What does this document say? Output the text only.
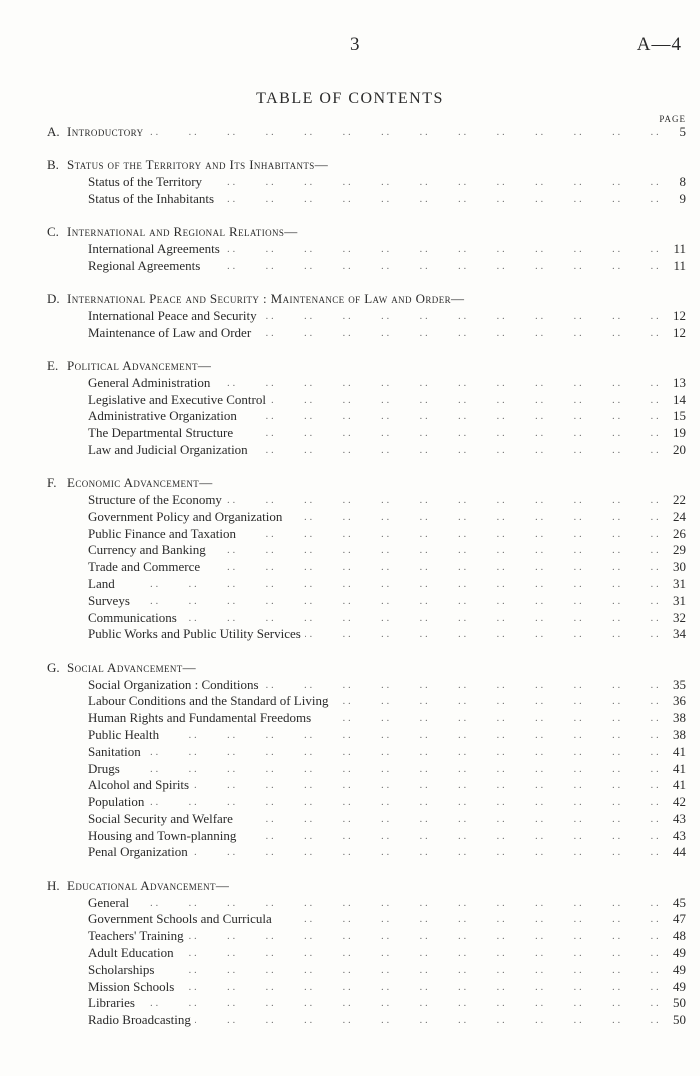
3	A—4
TABLE OF CONTENTS
PAGE
A. Introductory . .	5
B. Status of the Territory and Its Inhabitants—
Status of the Territory . .	8
Status of the Inhabitants . .	9
C. International and Regional Relations—
International Agreements . .	11
Regional Agreements . .	11
D. International Peace and Security : Maintenance of Law and Order—
International Peace and Security . .	12
Maintenance of Law and Order . .	12
E. Political Advancement—
General Administration . .	13
Legislative and Executive Control . .	14
Administrative Organization . .	15
The Departmental Structure . .	19
Law and Judicial Organization . .	20
F. Economic Advancement—
Structure of the Economy . .	22
Government Policy and Organization . .	24
Public Finance and Taxation . .	26
Currency and Banking . .	29
Trade and Commerce . .	30
Land . .	31
Surveys . .	31
Communications . .	32
Public Works and Public Utility Services . .	34
G. Social Advancement—
Social Organization : Conditions . .	35
Labour Conditions and the Standard of Living . .	36
Human Rights and Fundamental Freedoms . .	38
Public Health . .	38
Sanitation . .	41
Drugs . .	41
Alcohol and Spirits . .	41
Population . .	42
Social Security and Welfare . .	43
Housing and Town-planning . .	43
Penal Organization . .	44
H. Educational Advancement—
General . .	45
Government Schools and Curricula . .	47
Teachers' Training . .	48
Adult Education . .	49
Scholarships . .	49
Mission Schools . .	49
Libraries . .	50
Radio Broadcasting . .	50
